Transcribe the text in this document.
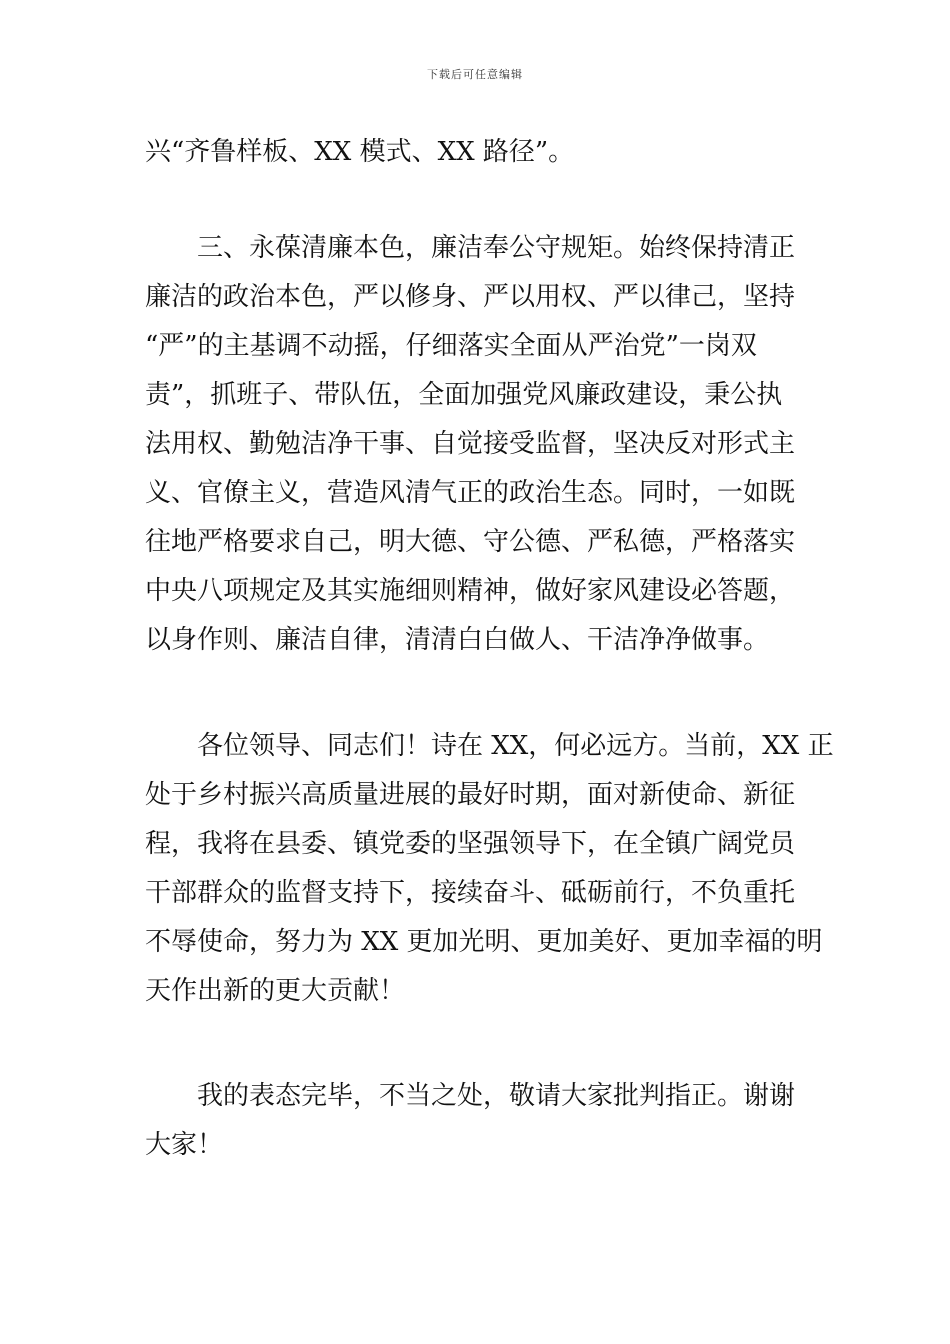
下载后可任意编辑
兴“齐鲁样板、XX 模式、XX 路径”。
　　三、永葆清廉本色，廉洁奉公守规矩。始终保持清正
廉洁的政治本色，严以修身、严以用权、严以律己，坚持
“严”的主基调不动摇，仔细落实全面从严治党”一岗双
责”，抓班子、带队伍，全面加强党风廉政建设，秉公执
法用权、勤勉洁净干事、自觉接受监督，坚决反对形式主
义、官僚主义，营造风清气正的政治生态。同时，一如既
往地严格要求自己，明大德、守公德、严私德，严格落实
中央八项规定及其实施细则精神，做好家风建设必答题，
以身作则、廉洁自律，清清白白做人、干洁净净做事。
　　各位领导、同志们！诗在 XX，何必远方。当前，XX 正
处于乡村振兴高质量进展的最好时期，面对新使命、新征
程，我将在县委、镇党委的坚强领导下，在全镇广阔党员
干部群众的监督支持下，接续奋斗、砥砺前行，不负重托
不辱使命，努力为 XX 更加光明、更加美好、更加幸福的明
天作出新的更大贡献！
　　我的表态完毕，不当之处，敬请大家批判指正。谢谢
大家！
